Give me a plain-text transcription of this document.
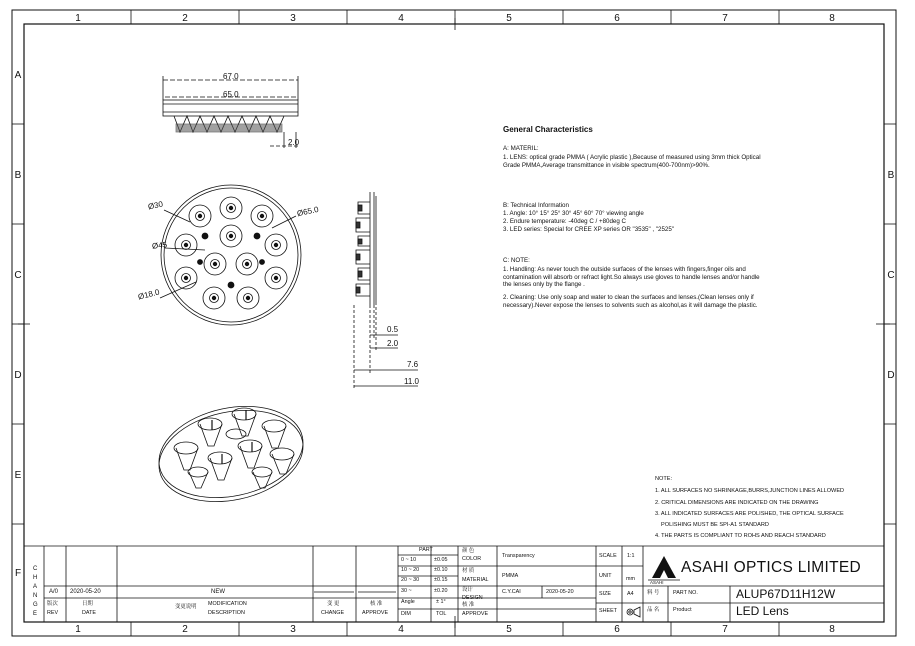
1	2	3	4	5	6	7	8
1	2	3	4	5	6	7	8
A
B
C
D
E
F
B
C
D
67.0
65.0
2.0
Ø30	Ø65.0
Ø45
Ø18.0
0.5
2.0
7.6
11.0
General Characteristics
A: MATERIL:
1. LENS: optical grade PMMA ( Acrylic plastic ),Because of measured using 3mm thick Optical Grade PMMA,Average transmittance in visible spectrum(400-700nm)>90%.
B: Technical Information
1. Angle: 10° 15° 25° 30° 45° 60° 70° viewing angle
2. Endure temperature: -40deg C / +80deg C
3. LED series: Special for CREE XP series OR "3535" , "2525"
C: NOTE:
1. Handling: As never touch the outside surfaces of the lenses with fingers,finger oils and contamination will absorb or refract light.So always use gloves to handle lenses and/or handle the lenses only by the flange .
2. Cleaning: Use only soap and water to clean the surfaces and lenses.(Clean lenses only if necessary).Never expose the lenses to solvents such as alcohol,as it will damage the plastic.
NOTE:
1. ALL SURFACES NO SHRINKAGE,BURRS,JUNCTION LINES ALLOWED
2. CRITICAL DIMENSIONS ARE INDICATED ON THE DRAWING
3. ALL INDICATED SURFACES ARE POLISHED, THE OPTICAL SURFACE
POLISHING MUST BE SPI-A1 STANDARD
4. THE PARTS IS COMPLIANT TO ROHS AND REACH STANDARD
C
H
A
N
G
E
A/0 2020-05-20	NEW
版次
REV
日期
DATE
变更说明 MODIFICATION
DESCRIPTION
变 更
CHANGE
核 准
APPROVE
PART
0 ~ 10	±0.05
10 ~ 20	±0.10
20 ~ 30	±0.15
30 ~	±0.20
Angle	± 1°
DIM	TOL
颜 色
COLOR	Transparency
材 质
MATERIAL
PMMA
设计
DESIGN
C.Y.CAI	2020-05-20
核 准
APPROVE
SCALE 1:1
UNIT	mm
SIZE	A4
SHEET
ASAHI OPTICS LIMITED
ASAHI
料 号	PART NO.	ALUP67D11H12W
品 名	Product	LED Lens
